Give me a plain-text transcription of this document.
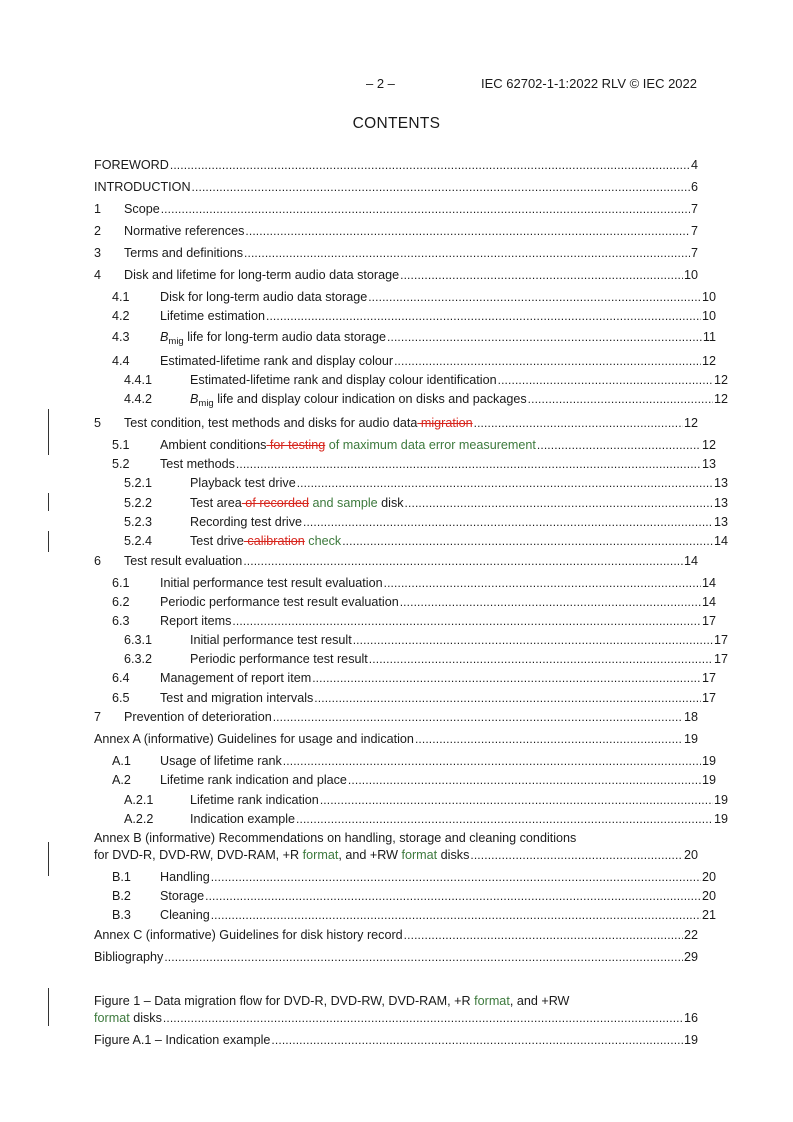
– 2 –	IEC 62702-1-1:2022 RLV © IEC 2022
CONTENTS
FOREWORD . . .	4
INTRODUCTION . . .	6
1	Scope . . .	7
2	Normative references . . .	7
3	Terms and definitions . . .	7
4	Disk and lifetime for long-term audio data storage . . .	10
4.1	Disk for long-term audio data storage . . .	10
4.2	Lifetime estimation . . .	10
4.3	$B_{mig}$ life for long-term audio data storage . . .	11
4.4	Estimated-lifetime rank and display colour . . .	12
4.4.1	Estimated-lifetime rank and display colour identification . . .	12
4.4.2	$B_{mig}$ life and display colour indication on disks and packages . . .	12
5	Test condition, test methods and disks for audio data migration . . .	12
5.1	Ambient conditions for testing of maximum data error measurement . . .	12
5.2	Test methods . . .	13
5.2.1	Playback test drive . . .	13
5.2.2	Test area of recorded and sample disk . . .	13
5.2.3	Recording test drive . . .	13
5.2.4	Test drive calibration check . . .	14
6	Test result evaluation . . .	14
6.1	Initial performance test result evaluation . . .	14
6.2	Periodic performance test result evaluation . . .	14
6.3	Report items . . .	17
6.3.1	Initial performance test result . . .	17
6.3.2	Periodic performance test result . . .	17
6.4	Management of report item . . .	17
6.5	Test and migration intervals . . .	17
7	Prevention of deterioration . . .	18
Annex A (informative) Guidelines for usage and indication . . .	19
A.1	Usage of lifetime rank . . .	19
A.2	Lifetime rank indication and place . . .	19
A.2.1	Lifetime rank indication . . .	19
A.2.2	Indication example . . .	19
Annex B (informative) Recommendations on handling, storage and cleaning conditions
for DVD-R, DVD-RW, DVD-RAM, +R format, and +RW format disks . . .	20
B.1	Handling . . .	20
B.2	Storage . . .	20
B.3	Cleaning . . .	21
Annex C (informative) Guidelines for disk history record . . .	22
Bibliography . . .	29
Figure 1 – Data migration flow for DVD-R, DVD-RW, DVD-RAM, +R format, and +RW
format disks . . .	16
Figure A.1 – Indication example . . .	19
